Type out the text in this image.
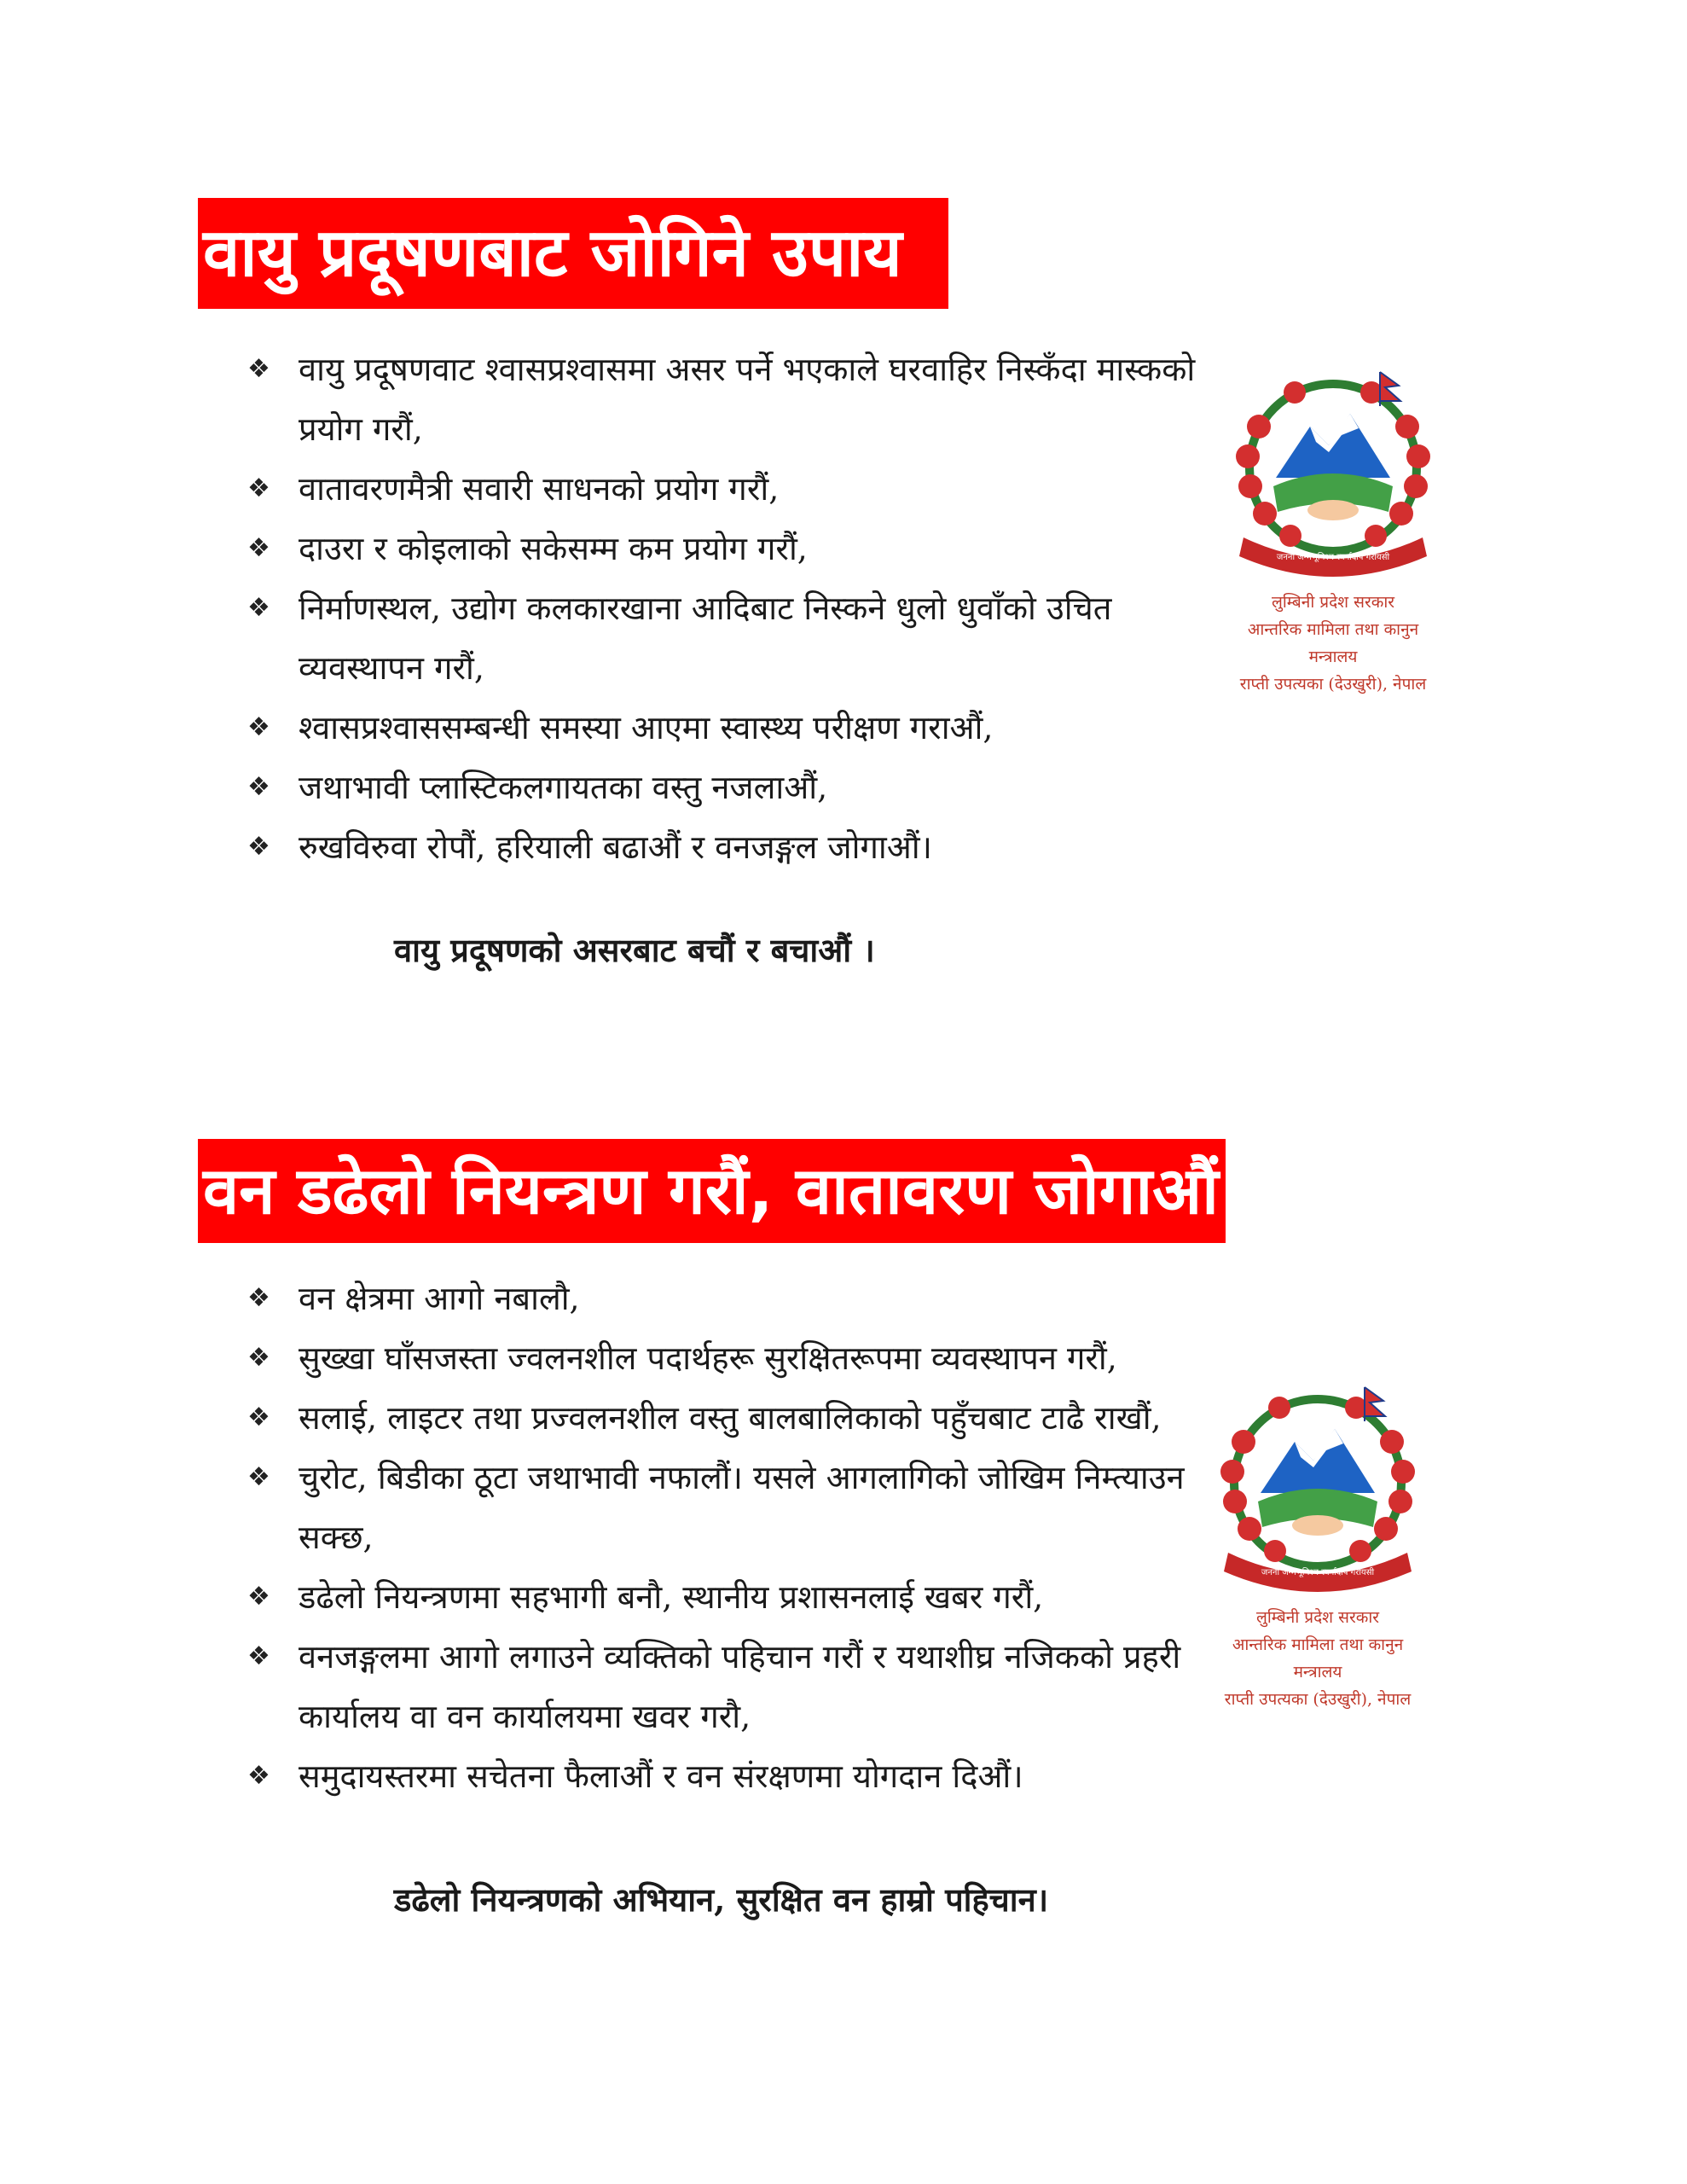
वायु प्रदूषणबाट जोगिने उपाय
❖ वायु प्रदूषणवाट श्वासप्रश्वासमा असर पर्ने भएकाले घरवाहिर निस्कँदा मास्कको प्रयोग गरौं,
❖ वातावरणमैत्री सवारी साधनको प्रयोग गरौं,
❖ दाउरा र कोइलाको सकेसम्म कम प्रयोग गरौं,
❖ निर्माणस्थल, उद्योग कलकारखाना आदिबाट निस्कने धुलो धुवाँको उचित व्यवस्थापन गरौं,
❖ श्वासप्रश्वाससम्बन्धी समस्या आएमा स्वास्थ्य परीक्षण गराऔं,
❖ जथाभावी प्लास्टिकलगायतका वस्तु नजलाऔं,
❖ रुखविरुवा रोपौं, हरियाली बढाऔं र वनजङ्गल जोगाऔं।
वायु प्रदूषणको असरबाट बचौं र बचाऔं ।
जननी जन्मभूमिश्च स्वर्गादपि गरीयसी
लुम्बिनी प्रदेश सरकार
आन्तरिक मामिला तथा कानुन
मन्त्रालय
राप्ती उपत्यका (देउखुरी), नेपाल
वन डढेलो नियन्त्रण गरौं, वातावरण जोगाऔं
❖ वन क्षेत्रमा आगो नबालौ,
❖ सुख्खा घाँसजस्ता ज्वलनशील पदार्थहरू सुरक्षितरूपमा व्यवस्थापन गरौं,
❖ सलाई, लाइटर तथा प्रज्वलनशील वस्तु बालबालिकाको पहुँचबाट टाढै राखौं,
❖ चुरोट, बिडीका ठूटा जथाभावी नफालौं। यसले आगलागिको जोखिम निम्त्याउन सक्छ,
❖ डढेलो नियन्त्रणमा सहभागी बनौ, स्थानीय प्रशासनलाई खबर गरौं,
❖ वनजङ्गलमा आगो लगाउने व्यक्तिको पहिचान गरौं र यथाशीघ्र नजिकको प्रहरी कार्यालय वा वन कार्यालयमा खवर गरौ,
❖ समुदायस्तरमा सचेतना फैलाऔं र वन संरक्षणमा योगदान दिऔं।
डढेलो नियन्त्रणको अभियान, सुरक्षित वन हाम्रो पहिचान।
जननी जन्मभूमिश्च स्वर्गादपि गरीयसी
लुम्बिनी प्रदेश सरकार
आन्तरिक मामिला तथा कानुन
मन्त्रालय
राप्ती उपत्यका (देउखुरी), नेपाल
